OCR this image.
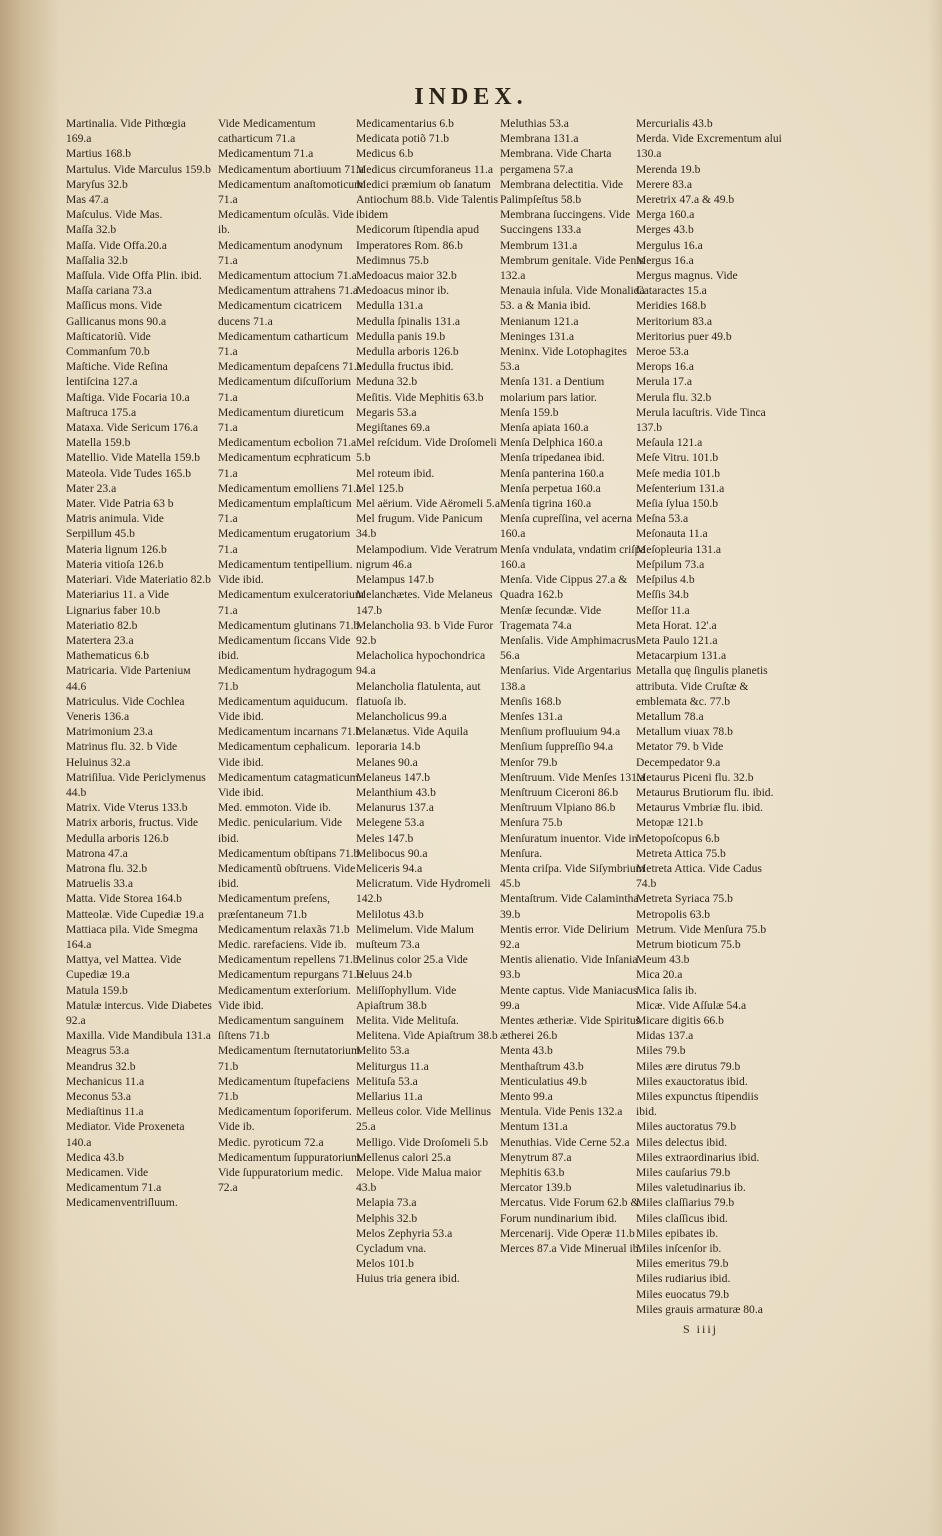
INDEX.

Martinalia. Vide Pithœgia 169.a

Martius 168.b

Martulus. Vide Marculus 159.b

Maryſus 32.b

Mas 47.a

Maſculus. Vide Mas.

Maſſa 32.b

Maſſa. Vide Offa.20.a

Maſſalia 32.b

Maſſula. Vide Offa Plin. ibid.

Maſſa cariana 73.a

Maſſicus mons. Vide Gallicanus mons 90.a

Maſticatoriũ. Vide Commanſum 70.b

Maſtiche. Vide Reſina lentiſcina 127.a

Maſtiga. Vide Focaria 10.a

Maſtruca 175.a

Mataxa. Vide Sericum 176.a

Matella 159.b

Matellio. Vide Matella 159.b

Mateola. Vide Tudes 165.b

Mater 23.a

Mater. Vide Patria 63 b

Matris animula. Vide Serpillum 45.b

Materia lignum 126.b

Materia vitioſa 126.b

Materiari. Vide Materiatio 82.b

Materiarius 11. a Vide Lignarius faber 10.b

Materiatio 82.b

Matertera 23.a

Mathematicus 6.b

Matricaria. Vide Parteniuм 44.6

Matriculus. Vide Cochlea Veneris 136.a

Matrimonium 23.a

Matrinus flu. 32. b Vide Heluinus 32.a

Matriſilua. Vide Periclymenus 44.b

Matrix. Vide Vterus 133.b

Matrix arboris, fructus. Vide Medulla arboris 126.b

Matrona 47.a

Matrona flu. 32.b

Matruelis 33.a

Matta. Vide Storea 164.b

Matteolæ. Vide Cupediæ 19.a

Mattiaca pila. Vide Smegma 164.a

Mattya, vel Mattea. Vide Cupediæ 19.a

Matula 159.b

Matulæ intercus. Vide Diabetes 92.a

Maxilla. Vide Mandibula 131.a

Meagrus 53.a

Meandrus 32.b

Mechanicus 11.a

Meconus 53.a

Mediaſtinus 11.a

Mediator. Vide Proxeneta 140.a

Medica 43.b

Medicamen. Vide Medicamentum 71.a

Medicamenventriſluum.

Vide Medicamentum catharticum 71.a

Medicamentum 71.a

Medicamentum abortiuum 71.a

Medicamentum anaſtomoticum 71.a

Medicamentum oſculãs. Vide ib.

Medicamentum anodynum 71.a

Medicamentum attocium 71.a

Medicamentum attrahens 71.a

Medicamentum cicatricem ducens 71.a

Medicamentum catharticum 71.a

Medicamentum depaſcens 71.a

Medicamentum diſcuſſorium 71.a

Medicamentum diureticum 71.a

Medicamentum ecbolion 71.a

Medicamentum ecphraticum 71.a

Medicamentum emolliens 71.a

Medicamentum emplaſticum 71.a

Medicamentum erugatorium 71.a

Medicamentum tentipellium. Vide ibid.

Medicamentum exulceratorium 71.a

Medicamentum glutinans 71.b

Medicamentum ſiccans Vide ibid.

Medicamentum hydragogum 71.b

Medicamentum aquiducum. Vide ibid.

Medicamentum incarnans 71.b

Medicamentum cephalicum. Vide ibid.

Medicamentum catagmaticum. Vide ibid.

Med. emmoton. Vide ib.

Medic. penicularium. Vide ibid.

Medicamentum obſtipans 71.b

Medicamentũ obſtruens. Vide ibid.

Medicamentum preſens, præſentaneum 71.b

Medicamentum relaxãs 71.b

Medic. rarefaciens. Vide ib.

Medicamentum repellens 71.b

Medicamentum repurgans 71.b

Medicamentum exterſorium. Vide ibid.

Medicamentum sanguinem ſiſtens 71.b

Medicamentum ſternutatorium 71.b

Medicamentum ſtupefaciens 71.b

Medicamentum ſoporiferum. Vide ib.

Medic. pyroticum 72.a

Medicamentum ſuppuratorium. Vide ſuppuratorium medic. 72.a

Medicamentarius 6.b

Medicata potiõ 71.b

Medicus 6.b

Medicus circumforaneus 11.a

Medici præmium ob ſanatum Antiochum 88.b. Vide Talentis ibidem

Medicorum ſtipendia apud Imperatores Rom. 86.b

Medimnus 75.b

Medoacus maior 32.b

Medoacus minor ib.

Medulla 131.a

Medulla ſpinalis 131.a

Medulla panis 19.b

Medulla arboris 126.b

Medulla fructus ibid.

Meduna 32.b

Meſitis. Vide Mephitis 63.b

Megaris 53.a

Megiſtanes 69.a

Mel reſcidum. Vide Droſomeli 5.b

Mel roteum ibid.

Mel 125.b

Mel aërium. Vide Aëromeli 5.a

Mel frugum. Vide Panicum 34.b

Melampodium. Vide Veratrum nigrum 46.a

Melampus 147.b

Melanchætes. Vide Melaneus 147.b

Melancholia 93. b Vide Furor 92.b

Melacholica hypochondrica 94.a

Melancholia flatulenta, aut flatuoſa ib.

Melancholicus 99.a

Melanætus. Vide Aquila leporaria 14.b

Melanes 90.a

Melaneus 147.b

Melanthium 43.b

Melanurus 137.a

Melegene 53.a

Meles 147.b

Melibocus 90.a

Meliceris 94.a

Melicratum. Vide Hydromeli 142.b

Melilotus 43.b

Melimelum. Vide Malum muſteum 73.a

Melinus color 25.a Vide Heluus 24.b

Meliſſophyllum. Vide Apiaſtrum 38.b

Melita. Vide Melituſa.

Melitena. Vide Apiaſtrum 38.b

Melito 53.a

Meliturgus 11.a

Melituſa 53.a

Mellarius 11.a

Melleus color. Vide Mellinus 25.a

Melligo. Vide Droſomeli 5.b

Mellenus calori 25.a

Melope. Vide Malua maior 43.b

Melapia 73.a

Melphis 32.b

Melos Zephyria 53.a Cycladum vna.

Melos 101.b

Huius tria genera ibid.

Meluthias 53.a

Membrana 131.a

Membrana. Vide Charta pergamena 57.a

Membrana delectitia. Vide Palimpſeſtus 58.b

Membrana ſuccingens. Vide Succingens 133.a

Membrum 131.a

Membrum genitale. Vide Penis 132.a

Menauia inſula. Vide Monalida 53. a & Mania ibid.

Menianum 121.a

Meninges 131.a

Meninx. Vide Lotophagites 53.a

Menſa 131. a Dentium molarium pars latior.

Menſa 159.b

Menſa apiata 160.a

Menſa Delphica 160.a

Menſa tripedanea ibid.

Menſa panterina 160.a

Menſa perpetua 160.a

Menſa tigrina 160.a

Menſa cupreſſina, vel acerna 160.a

Menſa vndulata, vndatim criſpa 160.a

Menſa. Vide Cippus 27.a & Quadra 162.b

Menſæ ſecundæ. Vide Tragemata 74.a

Menſalis. Vide Amphimacrus 56.a

Menſarius. Vide Argentarius 138.a

Menſis 168.b

Menſes 131.a

Menſium profluuium 94.a

Menſium ſuppreſſio 94.a

Menſor 79.b

Menſtruum. Vide Menſes 131.a

Menſtruum Ciceroni 86.b

Menſtruum Vlpiano 86.b

Menſura 75.b

Menſuratum inuentor. Vide in Menſura.

Menta criſpa. Vide Siſymbrium 45.b

Mentaſtrum. Vide Calamintha 39.b

Mentis error. Vide Delirium 92.a

Mentis alienatio. Vide Inſania 93.b

Mente captus. Vide Maniacus 99.a

Mentes ætheriæ. Vide Spiritus ætherei 26.b

Menta 43.b

Menthaſtrum 43.b

Menticulatius 49.b

Mento 99.a

Mentula. Vide Penis 132.a

Mentum 131.a

Menuthias. Vide Cerne 52.a

Menytrum 87.a

Mephitis 63.b

Mercator 139.b

Mercatus. Vide Forum 62.b & Forum nundinarium ibid.

Mercenarij. Vide Operæ 11.b

Merces 87.a Vide Minerual ib.

Mercurialis 43.b

Merda. Vide Excrementum alui 130.a

Merenda 19.b

Merere 83.a

Meretrix 47.a & 49.b

Merga 160.a

Merges 43.b

Mergulus 16.a

Mergus 16.a

Mergus magnus. Vide Cataractes 15.a

Meridies 168.b

Meritorium 83.a

Meritorius puer 49.b

Meroe 53.a

Merops 16.a

Merula 17.a

Merula flu. 32.b

Merula lacuſtris. Vide Tinca 137.b

Meſaula 121.a

Meſe Vitru. 101.b

Meſe media 101.b

Meſenterium 131.a

Meſia ſylua 150.b

Meſna 53.a

Meſonauta 11.a

Meſopleuria 131.a

Meſpilum 73.a

Meſpilus 4.b

Meſſis 34.b

Meſſor 11.a

Meta Horat. 12'.a

Meta Paulo 121.a

Metacarpium 131.a

Metalla quę ſingulis planetis attributa. Vide Cruſtæ & emblemata &c. 77.b

Metallum 78.a

Metallum viuax 78.b

Metator 79. b Vide Decempedator 9.a

Metaurus Piceni flu. 32.b

Metaurus Brutiorum flu. ibid.

Metaurus Vmbriæ flu. ibid.

Metopæ 121.b

Metopoſcopus 6.b

Metreta Attica 75.b

Metreta Attica. Vide Cadus 74.b

Metreta Syriaca 75.b

Metropolis 63.b

Metrum. Vide Menſura 75.b

Metrum bioticum 75.b

Meum 43.b

Mica 20.a

Mica ſalis ib.

Micæ. Vide Aſſulæ 54.a

Micare digitis 66.b

Midas 137.a

Miles 79.b

Miles ære dirutus 79.b

Miles exauctoratus ibid.

Miles expunctus ſtipendiis ibid.

Miles auctoratus 79.b

Miles delectus ibid.

Miles extraordinarius ibid.

Miles cauſarius 79.b

Miles valetudinarius ib.

Miles claſſiarius 79.b

Miles claſſicus ibid.

Miles epibates ib.

Miles inſcenſor ib.

Miles emeritus 79.b

Miles rudiarius ibid.

Miles euocatus 79.b

Miles grauis armaturæ 80.a

S iiij
